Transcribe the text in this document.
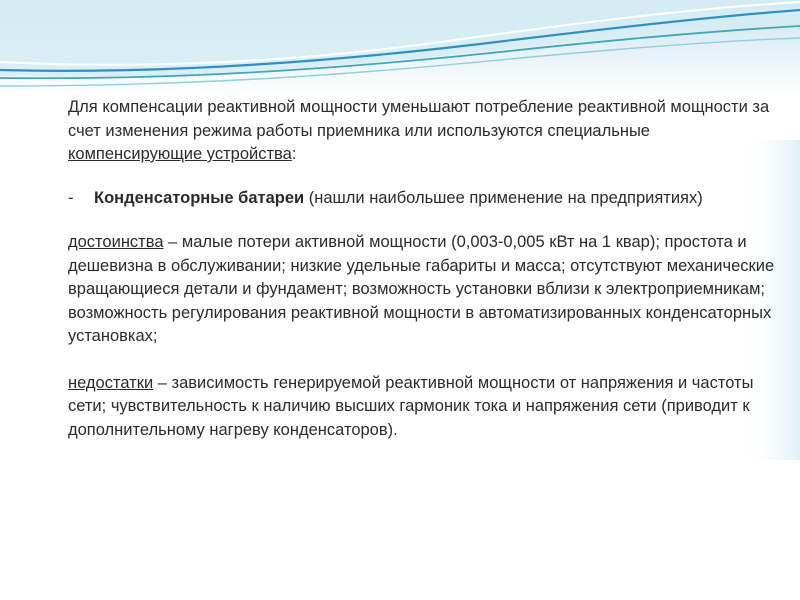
Для компенсации реактивной мощности уменьшают потребление реактивной мощности за счет изменения режима работы приемника или используются специальные компенсирующие устройства:

-	Конденсаторные батареи (нашли наибольшее применение на предприятиях)

достоинства – малые потери активной мощности (0,003-0,005 кВт на 1 квар); простота и дешевизна в обслуживании; низкие удельные габариты и масса; отсутствуют механические вращающиеся детали и фундамент; возможность установки вблизи к электроприемникам; возможность регулирования реактивной мощности в автоматизированных конденсаторных установках;

недостатки – зависимость генерируемой реактивной мощности от напряжения и частоты сети; чувствительность к наличию высших гармоник тока и напряжения сети (приводит к дополнительному нагреву конденсаторов).
